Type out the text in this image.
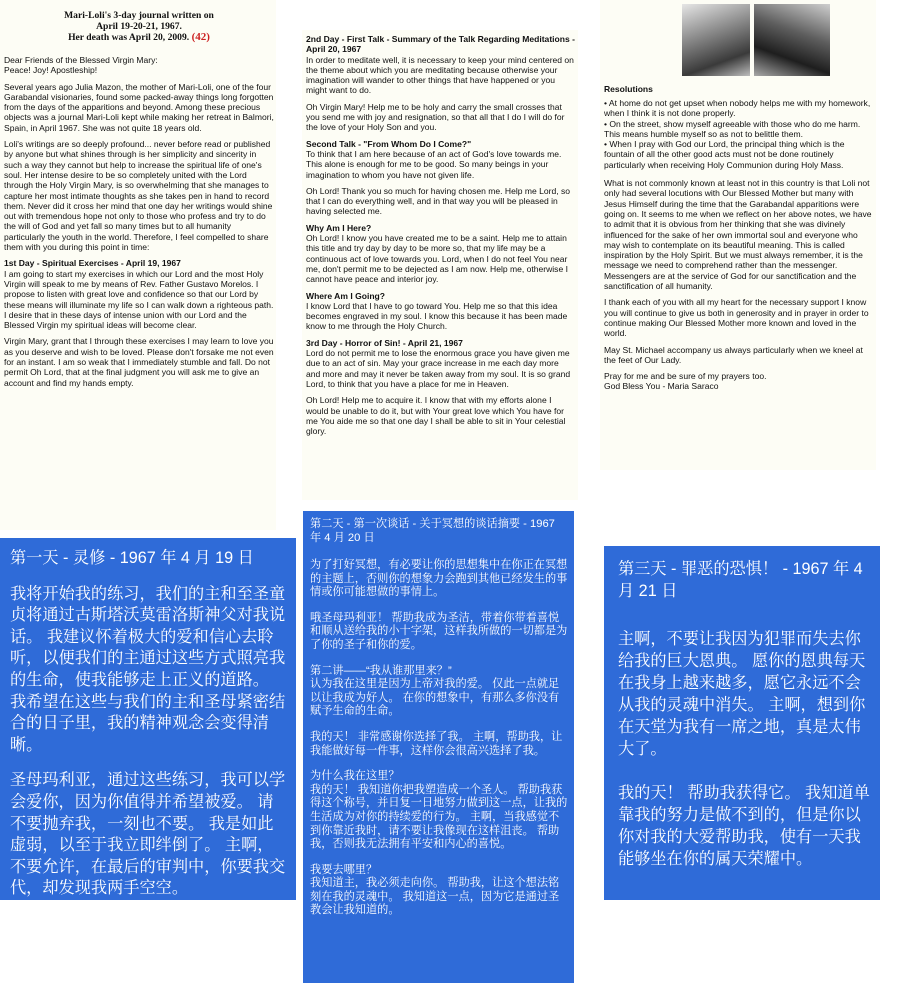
Mari-Loli's 3-day journal written on
April 19-20-21, 1967.
Her death was April 20, 2009. (42)

Dear Friends of the Blessed Virgin Mary:
Peace! Joy! Apostleship!

Several years ago Julia Mazon, the mother of Mari-Loli, one of the four Garabandal visionaries, found some packed-away things long forgotten from the days of the apparitions and beyond. Among these precious objects was a journal Mari-Loli kept while making her retreat in Balmori, Spain, in April 1967. She was not quite 18 years old.

Loli's writings are so deeply profound... never before read or published by anyone but what shines through is her simplicity and sincerity in such a way they cannot but help to increase the spiritual life of one's soul. Her intense desire to be so completely united with the Lord through the Holy Virgin Mary, is so overwhelming that she manages to capture her most intimate thoughts as she takes pen in hand to record them. Never did it cross her mind that one day her writings would shine out with tremendous hope not only to those who profess and try to do the will of God and yet fall so many times but to all humanity particularly the youth in the world. Therefore, I feel compelled to share them with you during this point in time:

1st Day - Spiritual Exercises - April 19, 1967

I am going to start my exercises in which our Lord and the most Holy Virgin will speak to me by means of Rev. Father Gustavo Morelos. I propose to listen with great love and confidence so that our Lord by these means will illuminate my life so I can walk down a righteous path. I desire that in these days of intense union with our Lord and the Blessed Virgin my spiritual ideas will become clear.

Virgin Mary, grant that I through these exercises I may learn to love you as you deserve and wish to be loved. Please don't forsake me not even for an instant. I am so weak that I immediately stumble and fall. Do not permit Oh Lord, that at the final judgment you will ask me to give an account and find my hands empty.

2nd Day - First Talk - Summary of the Talk Regarding Meditations - April 20, 1967

In order to meditate well, it is necessary to keep your mind centered on the theme about which you are meditating because otherwise your imagination will wander to other things that have happened or you might want to do.

Oh Virgin Mary! Help me to be holy and carry the small crosses that you send me with joy and resignation, so that all that I do I will do for the love of your Holy Son and you.

Second Talk - "From Whom Do I Come?"

To think that I am here because of an act of God's love towards me. This alone is enough for me to be good. So many beings in your imagination to whom you have not given life.

Oh Lord! Thank you so much for having chosen me. Help me Lord, so that I can do everything well, and in that way you will be pleased in having selected me.

Why Am I Here?

Oh Lord! I know you have created me to be a saint. Help me to attain this title and try day by day to be more so, that my life may be a continuous act of love towards you. Lord, when I do not feel You near me, don't permit me to be dejected as I am now. Help me, otherwise I cannot have peace and interior joy.

Where Am I Going?

I know Lord that I have to go toward You. Help me so that this idea becomes engraved in my soul. I know this because it has been made know to me through the Holy Church.

3rd Day - Horror of Sin! - April 21, 1967

Lord do not permit me to lose the enormous grace you have given me due to an act of sin. May your grace increase in me each day more and more and may it never be taken away from my soul. It is so grand Lord, to think that you have a place for me in Heaven.

Oh Lord! Help me to acquire it. I know that with my efforts alone I would be unable to do it, but with Your great love which You have for me You aide me so that one day I shall be able to sit in Your celestial glory.

Resolutions

• At home do not get upset when nobody helps me with my homework, when I think it is not done properly.

• On the street, show myself agreeable with those who do me harm. This means humble myself so as not to belittle them.

• When I pray with God our Lord, the principal thing which is the fountain of all the other good acts must not be done routinely particularly when receiving Holy Communion during Holy Mass.

What is not commonly known at least not in this country is that Loli not only had several locutions with Our Blessed Mother but many with Jesus Himself during the time that the Garabandal apparitions were going on. It seems to me when we reflect on her above notes, we have to admit that it is obvious from her thinking that she was divinely influenced for the sake of her own immortal soul and everyone who may wish to contemplate on its beautiful meaning. This is called inspiration by the Holy Spirit. But we must always remember, it is the message we need to comprehend rather than the messenger. Messengers are at the service of God for our sanctification and the sanctification of all humanity.

I thank each of you with all my heart for the necessary support I know you will continue to give us both in generosity and in prayer in order to continue making Our Blessed Mother more known and loved in the world.

May St. Michael accompany us always particularly when we kneel at the feet of Our Lady.

Pray for me and be sure of my prayers too.
God Bless You - Maria Saraco

第一天 - 灵修 - 1967 年 4 月 19 日

我将开始我的练习，我们的主和至圣童贞将通过古斯塔沃莫雷洛斯神父对我说话。 我建议怀着极大的爱和信心去聆听，以便我们的主通过这些方式照亮我的生命，使我能够走上正义的道路。 我希望在这些与我们的主和圣母紧密结合的日子里，我的精神观念会变得清晰。

圣母玛利亚，通过这些练习，我可以学会爱你，因为你值得并希望被爱。 请不要抛弃我，一刻也不要。 我是如此虚弱，以至于我立即绊倒了。 主啊，不要允许，在最后的审判中，你要我交代，却发现我两手空空。

第二天 - 第一次谈话 - 关于冥想的谈话摘要 - 1967 年 4 月 20 日

为了打好冥想，有必要让你的思想集中在你正在冥想的主题上，否则你的想象力会跑到其他已经发生的事情或你可能想做的事情上。

哦圣母玛利亚！ 帮助我成为圣洁，带着你带着喜悦和顺从送给我的小十字架，这样我所做的一切都是为了你的圣子和你的爱。

第二讲——“我从谁那里来？”
认为我在这里是因为上帝对我的爱。 仅此一点就足以让我成为好人。 在你的想象中，有那么多你没有赋予生命的生命。

我的天！ 非常感谢你选择了我。 主啊，帮助我，让我能做好每一件事，这样你会很高兴选择了我。

为什么我在这里？
我的天！ 我知道你把我塑造成一个圣人。 帮助我获得这个称号，并日复一日地努力做到这一点，让我的生活成为对你的持续爱的行为。 主啊，当我感觉不到你靠近我时，请不要让我像现在这样沮丧。 帮助我，否则我无法拥有平安和内心的喜悦。

我要去哪里？
我知道主，我必须走向你。 帮助我，让这个想法铭刻在我的灵魂中。 我知道这一点，因为它是通过圣教会让我知道的。

第三天 - 罪恶的恐惧！ - 1967 年 4 月 21 日

主啊，不要让我因为犯罪而失去你给我的巨大恩典。 愿你的恩典每天在我身上越来越多，愿它永远不会从我的灵魂中消失。 主啊，想到你在天堂为我有一席之地，真是太伟大了。

我的天！ 帮助我获得它。 我知道单靠我的努力是做不到的，但是你以你对我的大爱帮助我，使有一天我能够坐在你的属天荣耀中。
